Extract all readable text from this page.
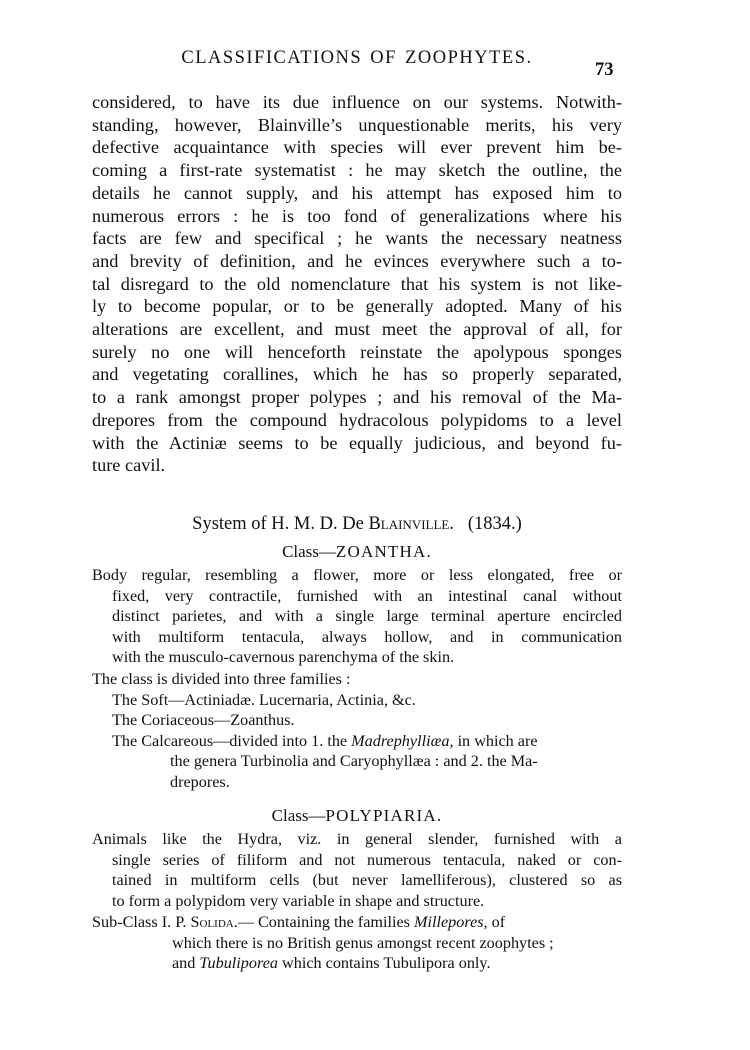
CLASSIFICATIONS OF ZOOPHYTES.
73
considered, to have its due influence on our systems. Notwith-
standing, however, Blainville’s unquestionable merits, his very
defective acquaintance with species will ever prevent him be-
coming a first-rate systematist : he may sketch the outline, the
details he cannot supply, and his attempt has exposed him to
numerous errors : he is too fond of generalizations where his
facts are few and specifical ; he wants the necessary neatness
and brevity of definition, and he evinces everywhere such a to-
tal disregard to the old nomenclature that his system is not like-
ly to become popular, or to be generally adopted. Many of his
alterations are excellent, and must meet the approval of all, for
surely no one will henceforth reinstate the apolypous sponges
and vegetating corallines, which he has so properly separated,
to a rank amongst proper polypes ; and his removal of the Ma-
drepores from the compound hydracolous polypidoms to a level
with the Actiniæ seems to be equally judicious, and beyond fu-
ture cavil.
System of H. M. D. De Blainville. (1834.)
Class—ZOANTHA.
Body regular, resembling a flower, more or less elongated, free or
fixed, very contractile, furnished with an intestinal canal without
distinct parietes, and with a single large terminal aperture encircled
with multiform tentacula, always hollow, and in communication
with the musculo-cavernous parenchyma of the skin.
The class is divided into three families :
The Soft—Actiniadæ. Lucernaria, Actinia, &c.
The Coriaceous—Zoanthus.
The Calcareous—divided into 1. the Madrephylliæa, in which are
the genera Turbinolia and Caryophyllæa : and 2. the Ma-
drepores.
Class—POLYPIARIA.
Animals like the Hydra, viz. in general slender, furnished with a
single series of filiform and not numerous tentacula, naked or con-
tained in multiform cells (but never lamelliferous), clustered so as
to form a polypidom very variable in shape and structure.
Sub-Class I. P. Solida.— Containing the families Millepores, of
which there is no British genus amongst recent zoophytes ;
and Tubuliporea which contains Tubulipora only.
